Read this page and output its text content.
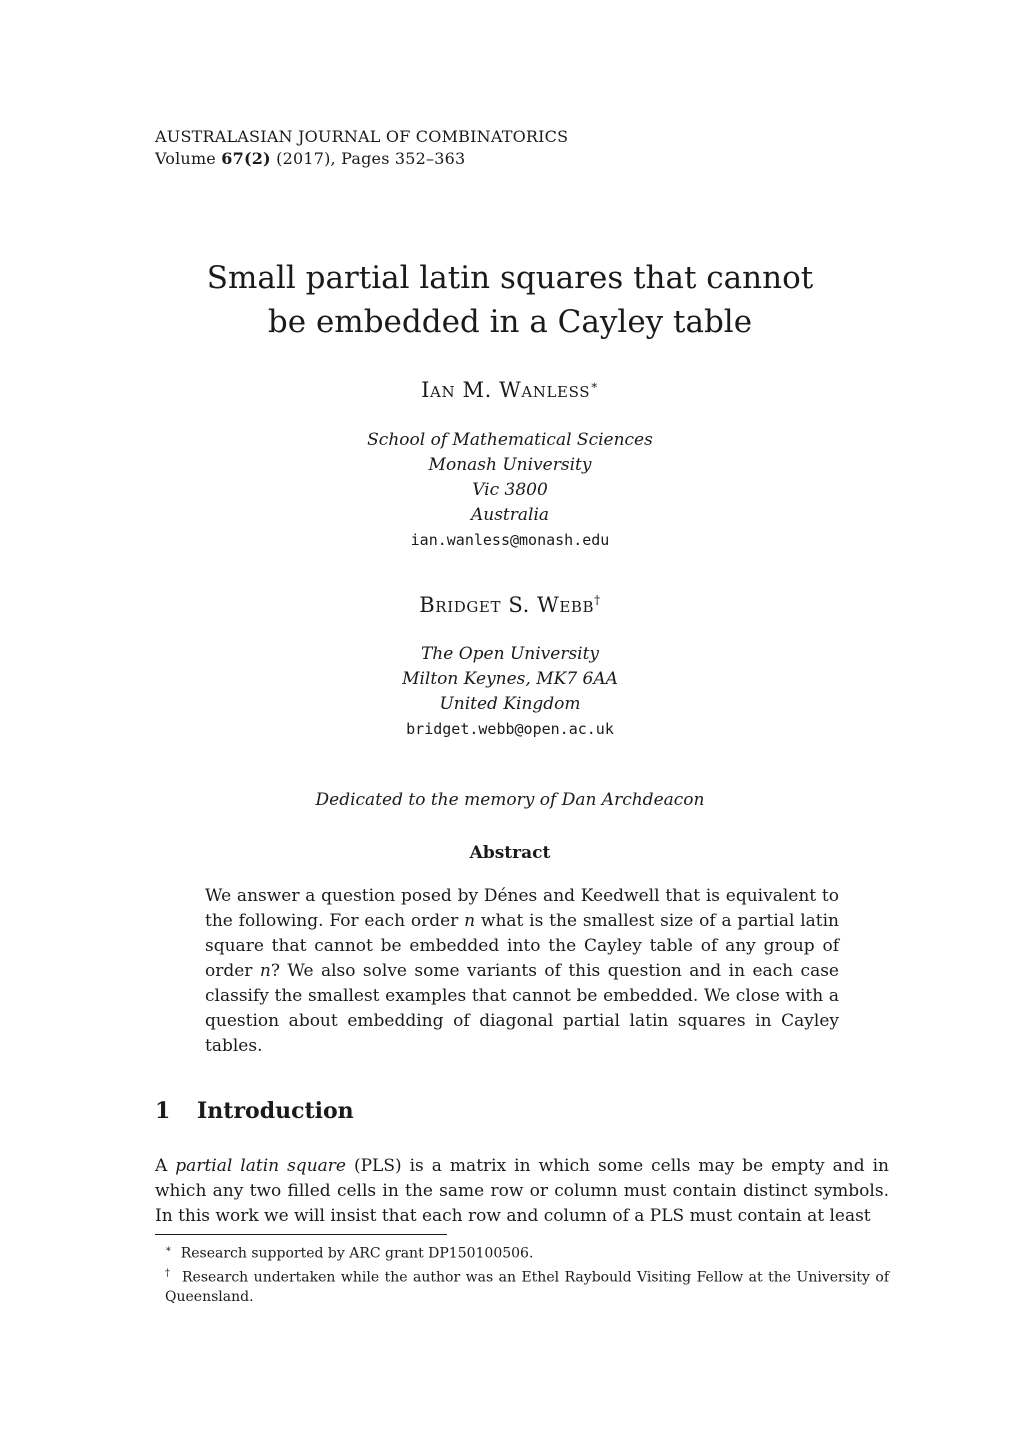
AUSTRALASIAN JOURNAL OF COMBINATORICS
Volume 67(2) (2017), Pages 352–363
Small partial latin squares that cannot
be embedded in a Cayley table
Ian M. Wanless∗
School of Mathematical Sciences
Monash University
Vic 3800
Australia
ian.wanless@monash.edu
Bridget S. Webb†
The Open University
Milton Keynes, MK7 6AA
United Kingdom
bridget.webb@open.ac.uk
Dedicated to the memory of Dan Archdeacon
Abstract
We answer a question posed by Dénes and Keedwell that is equivalent to the following. For each order n what is the smallest size of a partial latin square that cannot be embedded into the Cayley table of any group of order n? We also solve some variants of this question and in each case classify the smallest examples that cannot be embedded. We close with a question about embedding of diagonal partial latin squares in Cayley tables.
1 Introduction
A partial latin square (PLS) is a matrix in which some cells may be empty and in which any two filled cells in the same row or column must contain distinct symbols. In this work we will insist that each row and column of a PLS must contain at least
∗ Research supported by ARC grant DP150100506.
† Research undertaken while the author was an Ethel Raybould Visiting Fellow at the University of Queensland.
